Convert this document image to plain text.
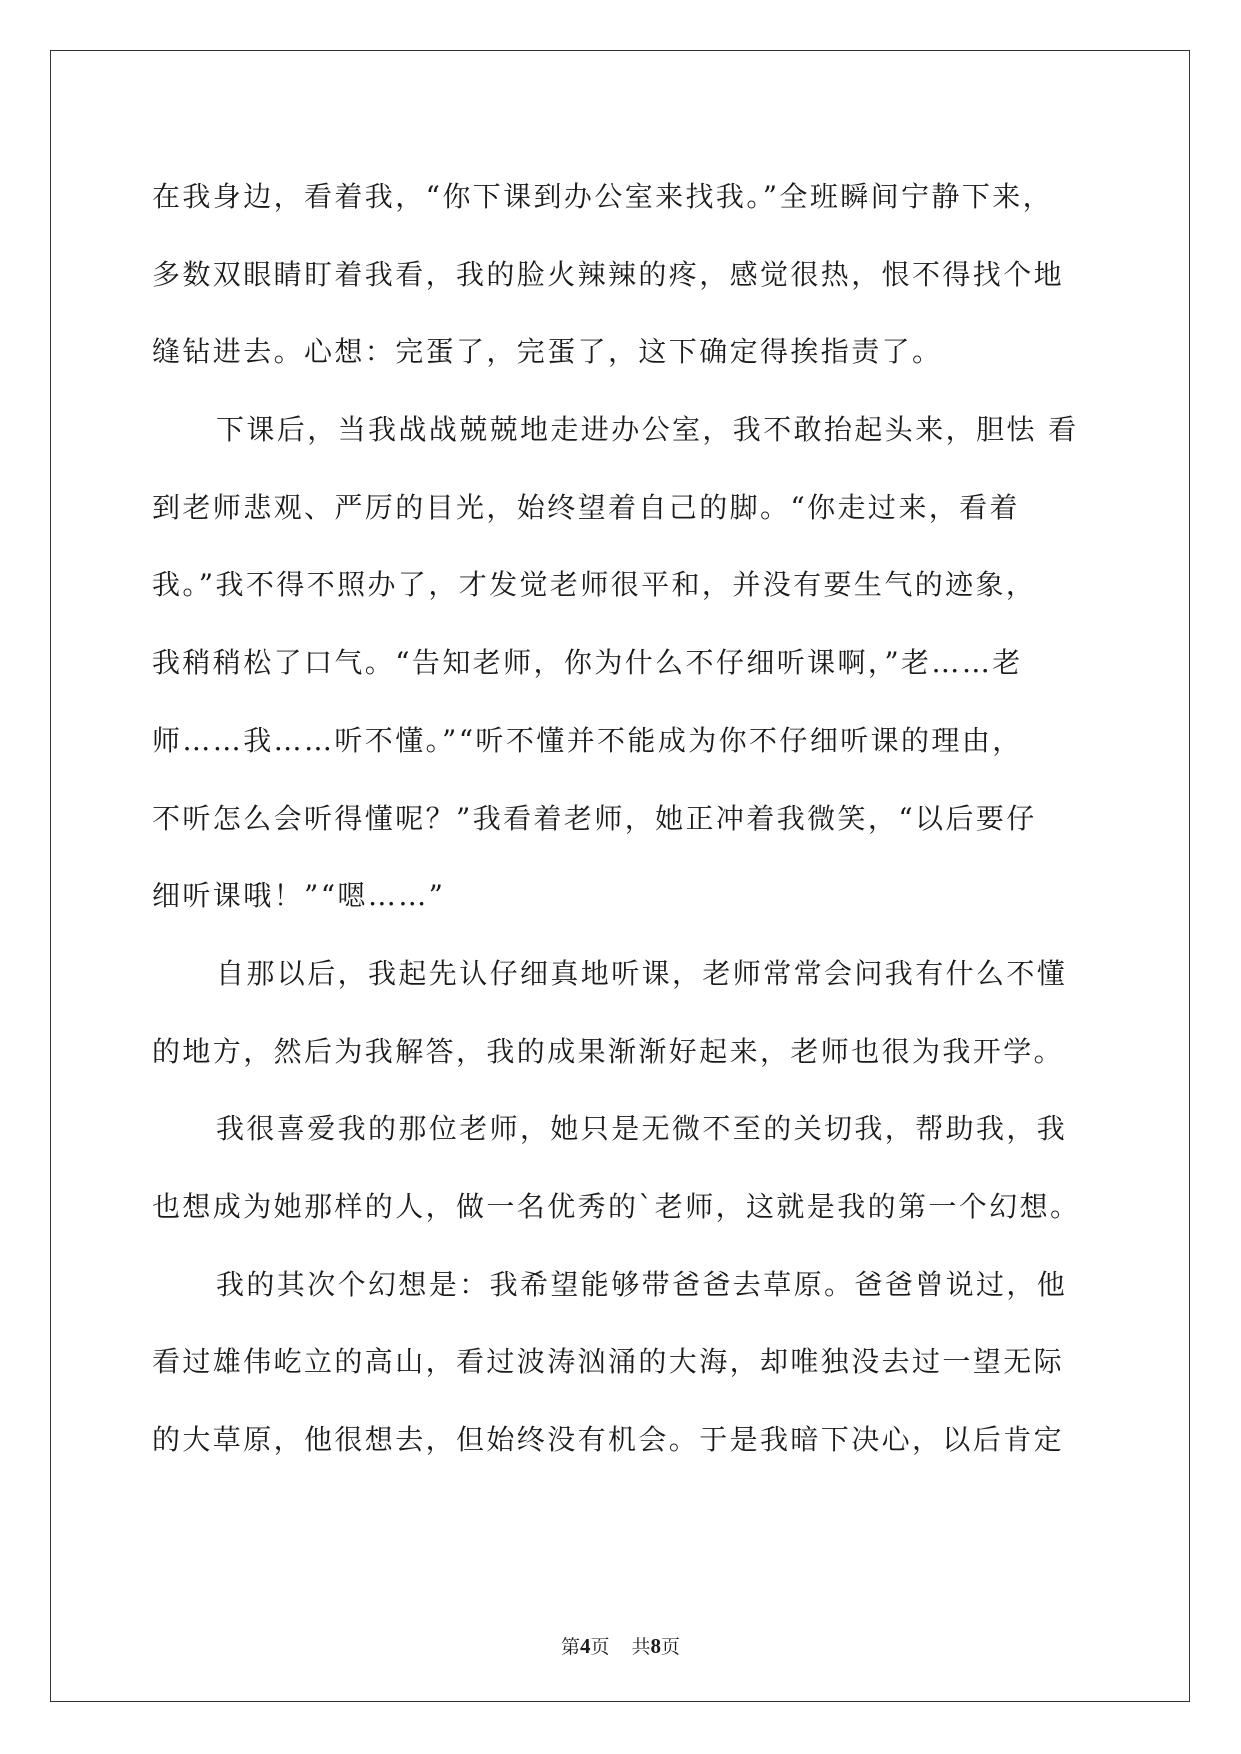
在我身边，看着我，“你下课到办公室来找我。”全班瞬间宁静下来，
多数双眼睛盯着我看，我的脸火辣辣的疼，感觉很热，恨不得找个地
缝钻进去。心想：完蛋了，完蛋了，这下确定得挨指责了。
下课后，当我战战兢兢地走进办公室，我不敢抬起头来，胆怯 看
到老师悲观、严厉的目光，始终望着自己的脚。“你走过来，看着
我。”我不得不照办了，才发觉老师很平和，并没有要生气的迹象，
我稍稍松了口气。“告知老师，你为什么不仔细听课啊，”老……老
师……我……听不懂。”“听不懂并不能成为你不仔细听课的理由，
不听怎么会听得懂呢？”我看着老师，她正冲着我微笑，“以后要仔
细听课哦！”“嗯……”
自那以后，我起先认仔细真地听课，老师常常会问我有什么不懂
的地方，然后为我解答，我的成果渐渐好起来，老师也很为我开学。
我很喜爱我的那位老师，她只是无微不至的关切我，帮助我，我
也想成为她那样的人，做一名优秀的`老师，这就是我的第一个幻想。
我的其次个幻想是：我希望能够带爸爸去草原。爸爸曾说过，他
看过雄伟屹立的高山，看过波涛汹涌的大海，却唯独没去过一望无际
的大草原，他很想去，但始终没有机会。于是我暗下决心，以后肯定
第4页 共8页
